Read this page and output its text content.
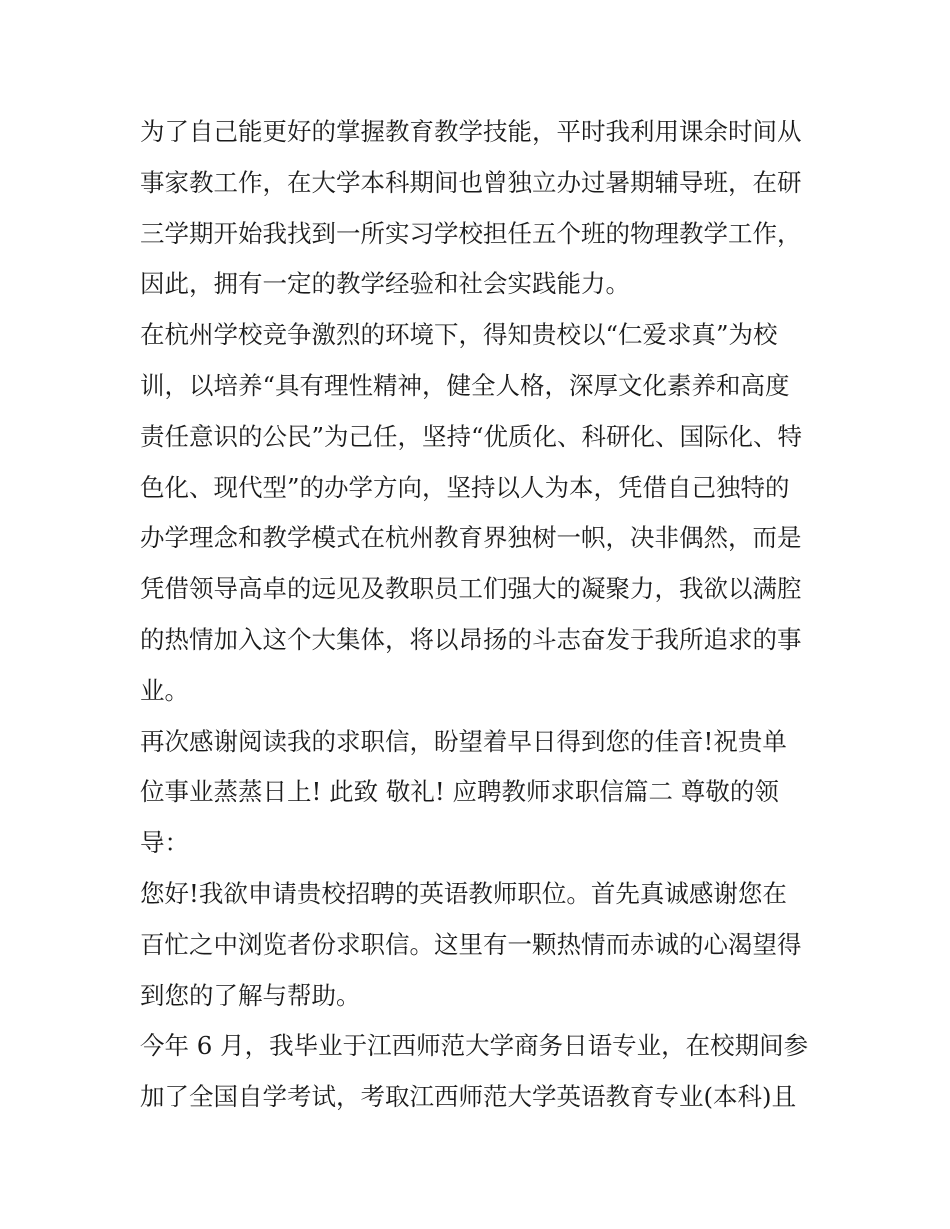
为了自己能更好的掌握教育教学技能，平时我利用课余时间从
事家教工作，在大学本科期间也曾独立办过暑期辅导班，在研
三学期开始我找到一所实习学校担任五个班的物理教学工作，
因此，拥有一定的教学经验和社会实践能力。

在杭州学校竞争激烈的环境下，得知贵校以“仁爱求真”为校
训，以培养“具有理性精神，健全人格，深厚文化素养和高度
责任意识的公民”为己任，坚持“优质化、科研化、国际化、特
色化、现代型”的办学方向，坚持以人为本，凭借自己独特的
办学理念和教学模式在杭州教育界独树一帜，决非偶然，而是
凭借领导高卓的远见及教职员工们强大的凝聚力，我欲以满腔
的热情加入这个大集体，将以昂扬的斗志奋发于我所追求的事
业。

再次感谢阅读我的求职信，盼望着早日得到您的佳音!祝贵单
位事业蒸蒸日上! 此致 敬礼! 应聘教师求职信篇二 尊敬的领
导：

您好!我欲申请贵校招聘的英语教师职位。首先真诚感谢您在
百忙之中浏览者份求职信。这里有一颗热情而赤诚的心渴望得
到您的了解与帮助。

今年 6 月，我毕业于江西师范大学商务日语专业，在校期间参
加了全国自学考试，考取江西师范大学英语教育专业(本科)且
